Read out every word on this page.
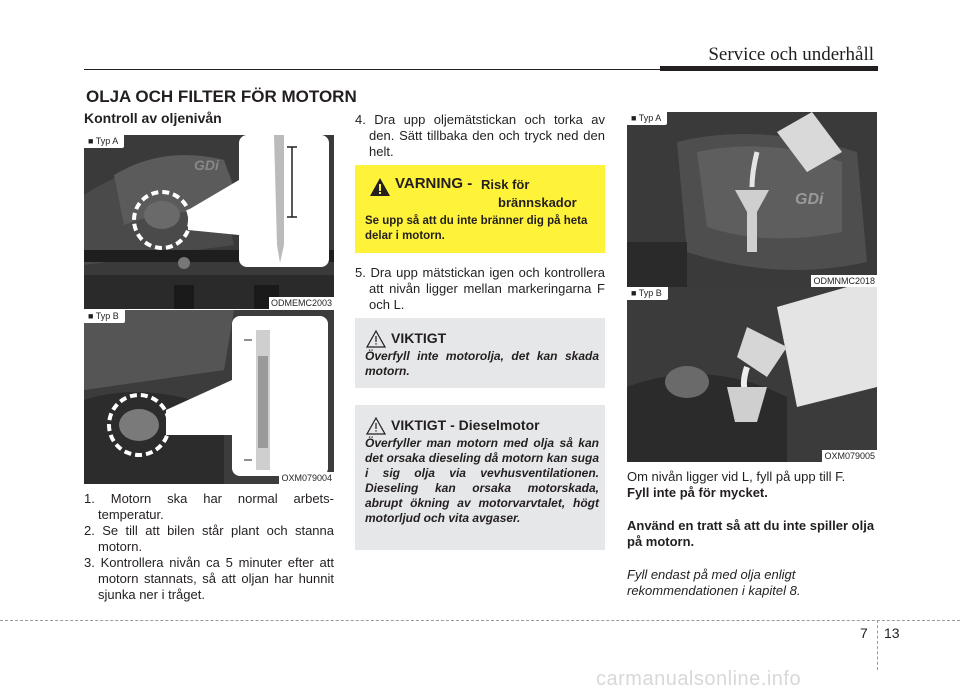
Service och underhåll
OLJA OCH FILTER FÖR MOTORN
Kontroll av oljenivån
GDi
■ Typ A
ODMEMC2003
■ Typ B
OXM079004
1. Motorn ska har normal arbets-temperatur.
2. Se till att bilen står plant och stanna motorn.
3. Kontrollera nivån ca 5 minuter efter att motorn stannats, så att oljan har hunnit sjunka ner i tråget.
4. Dra upp oljemätstickan och torka av den. Sätt tillbaka den och tryck ned den helt.
VARNING - Risk för
brännskador
Se upp så att du inte bränner dig på heta delar i motorn.
5. Dra upp mätstickan igen och kontrollera att nivån ligger mellan markeringarna F och L.
VIKTIGT
Överfyll inte motorolja, det kan skada motorn.
VIKTIGT - Dieselmotor
Överfyller man motorn med olja så kan det orsaka dieseling då motorn kan suga i sig olja via vevhusventilationen. Dieseling kan orsaka motorskada, abrupt ökning av motorvarvtalet, högt motorljud och vita avgaser.
GDi
■ Typ A
ODMNMC2018
■ Typ B
OXM079005
Om nivån ligger vid L, fyll på upp till F.
Fyll inte på för mycket.
Använd en tratt så att du inte spiller olja på motorn.
Fyll endast på med olja enligt rekommendationen i kapitel 8.
7 13
carmanualsonline.info
